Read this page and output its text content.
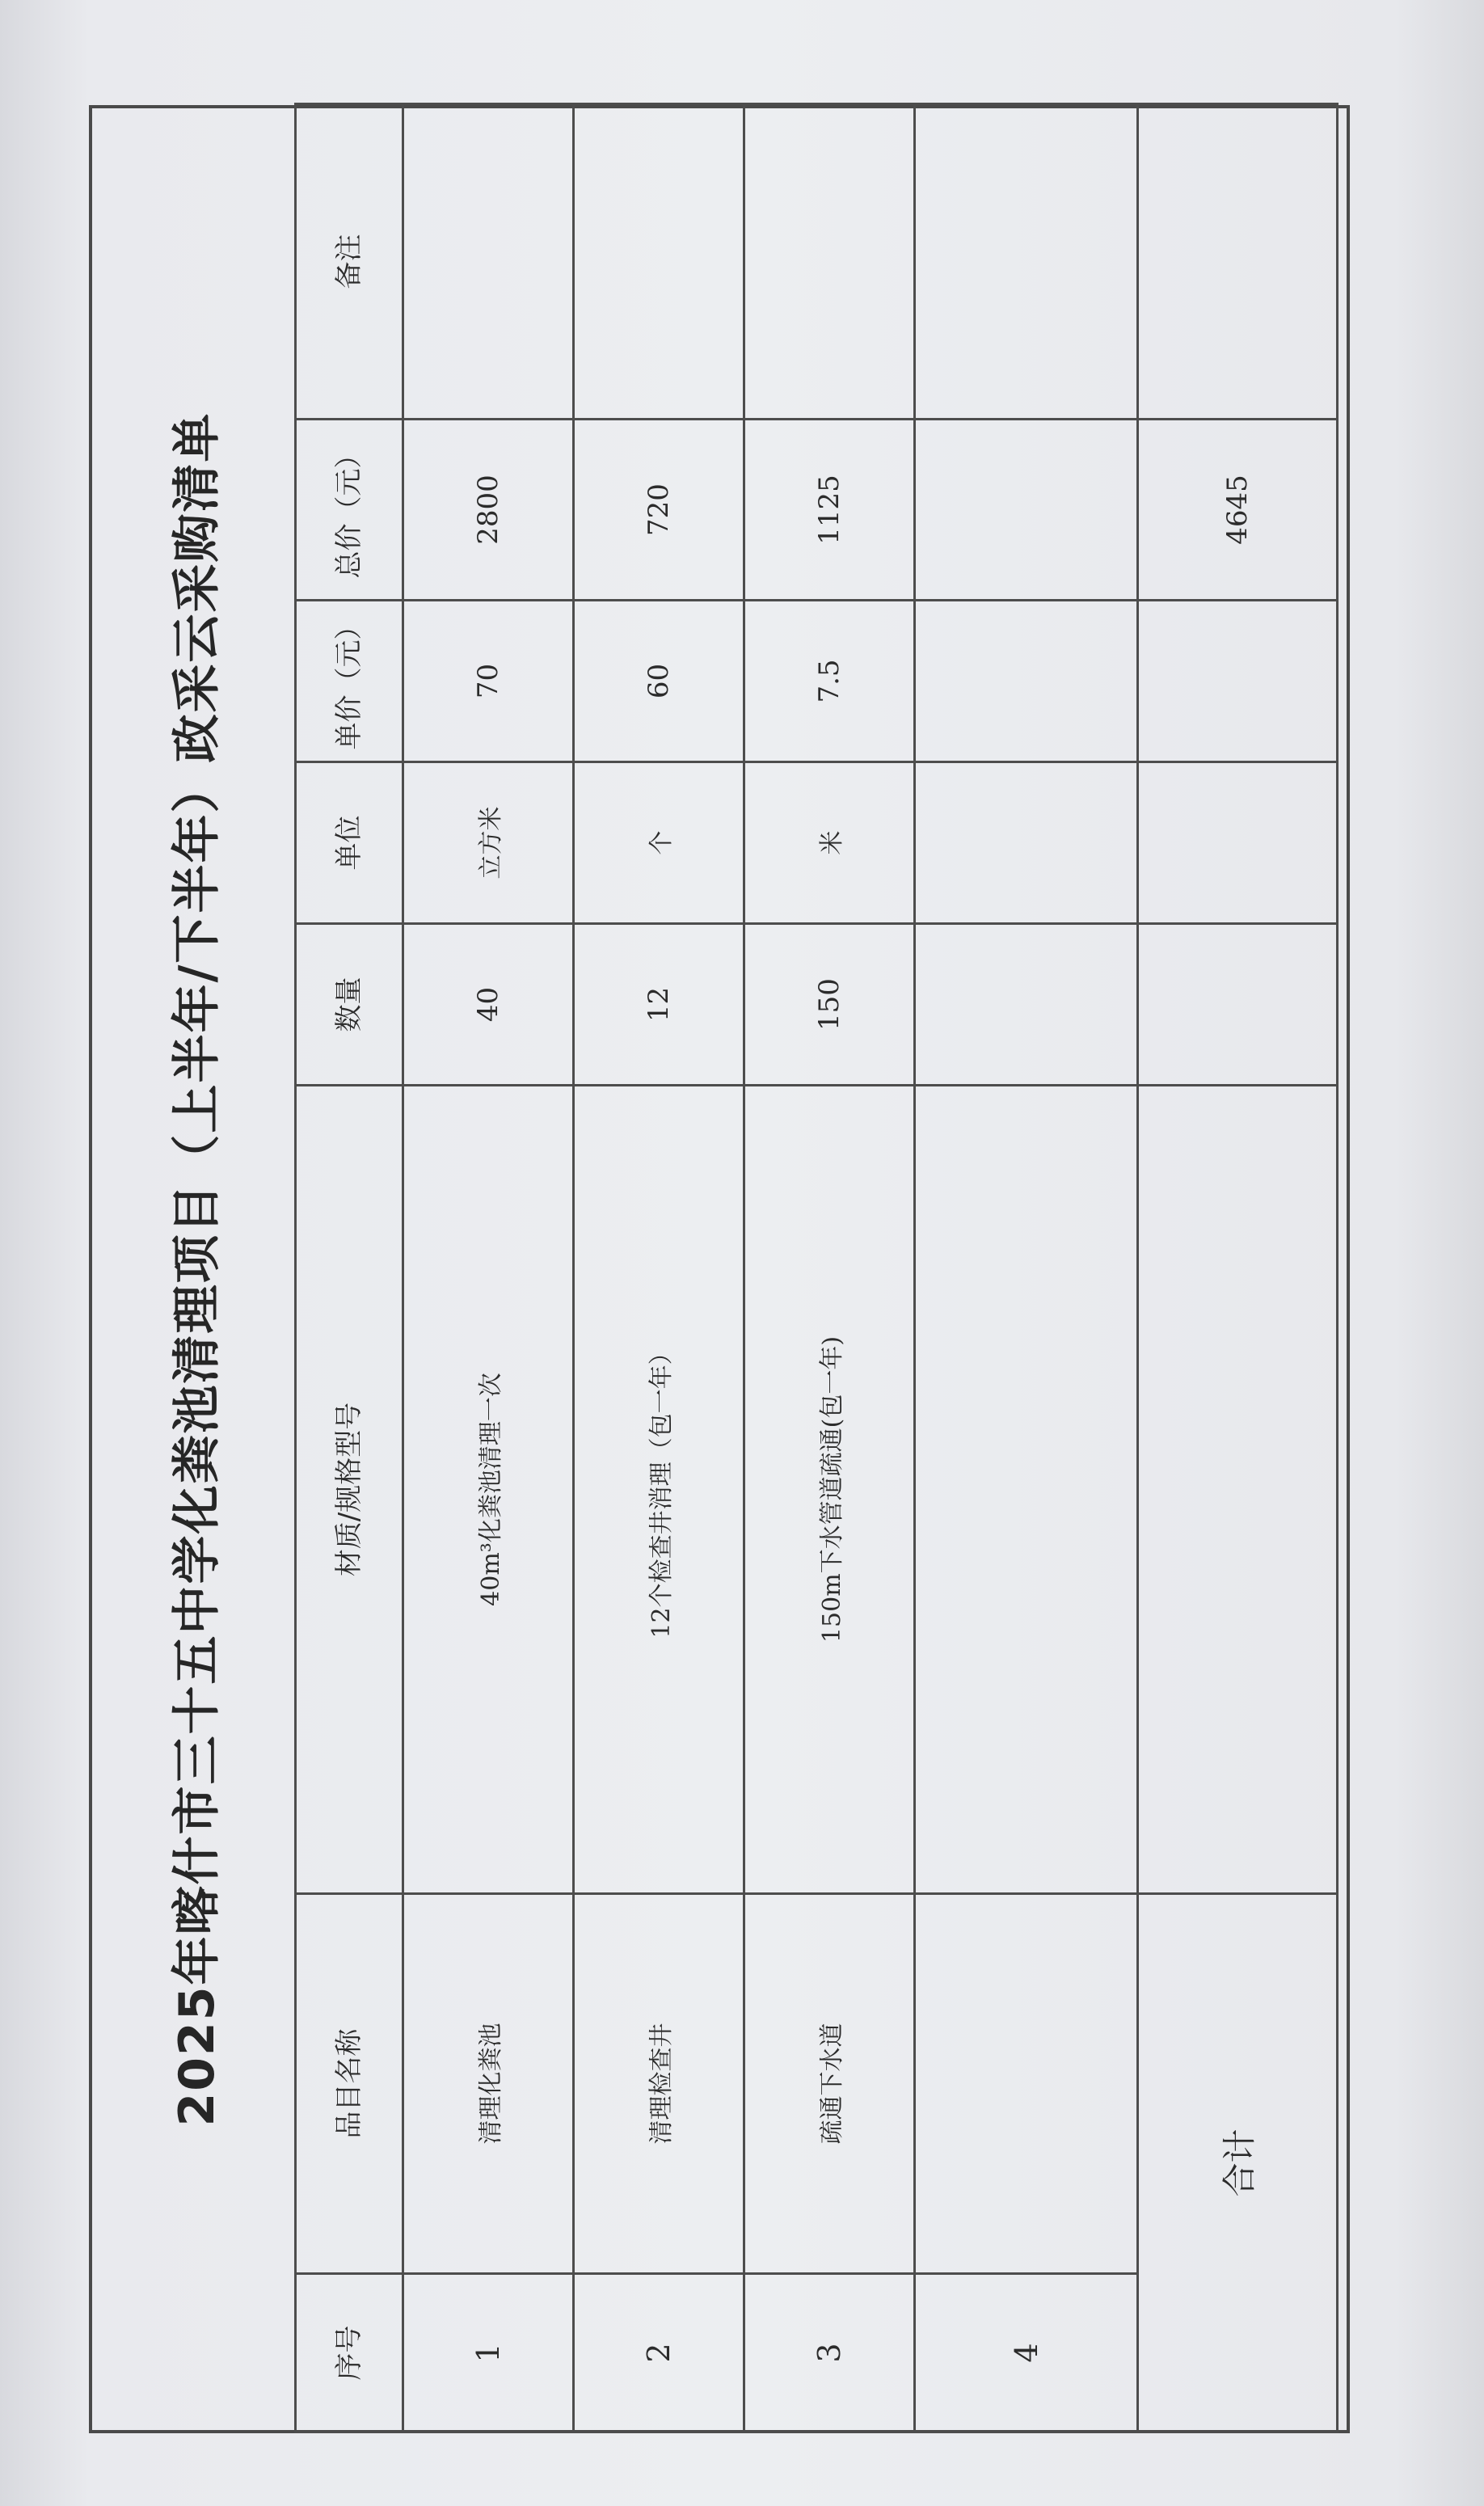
2025年喀什市三十五中学化粪池清理项目（上半年/下半年）政采云采购清单
序号	品目名称	材质/规格型号	数量	单位	单价（元）	总价（元）	备注
1	清理化粪池	40m³化粪池清理一次	40	立方米	70	2800	
2	清理检查井	12个检查井消理（包一年）	12	个	60	720	
3	疏通下水道	150m下水管道疏通(包一年)	150	米	7.5	1125	
4							
合计						4645	
